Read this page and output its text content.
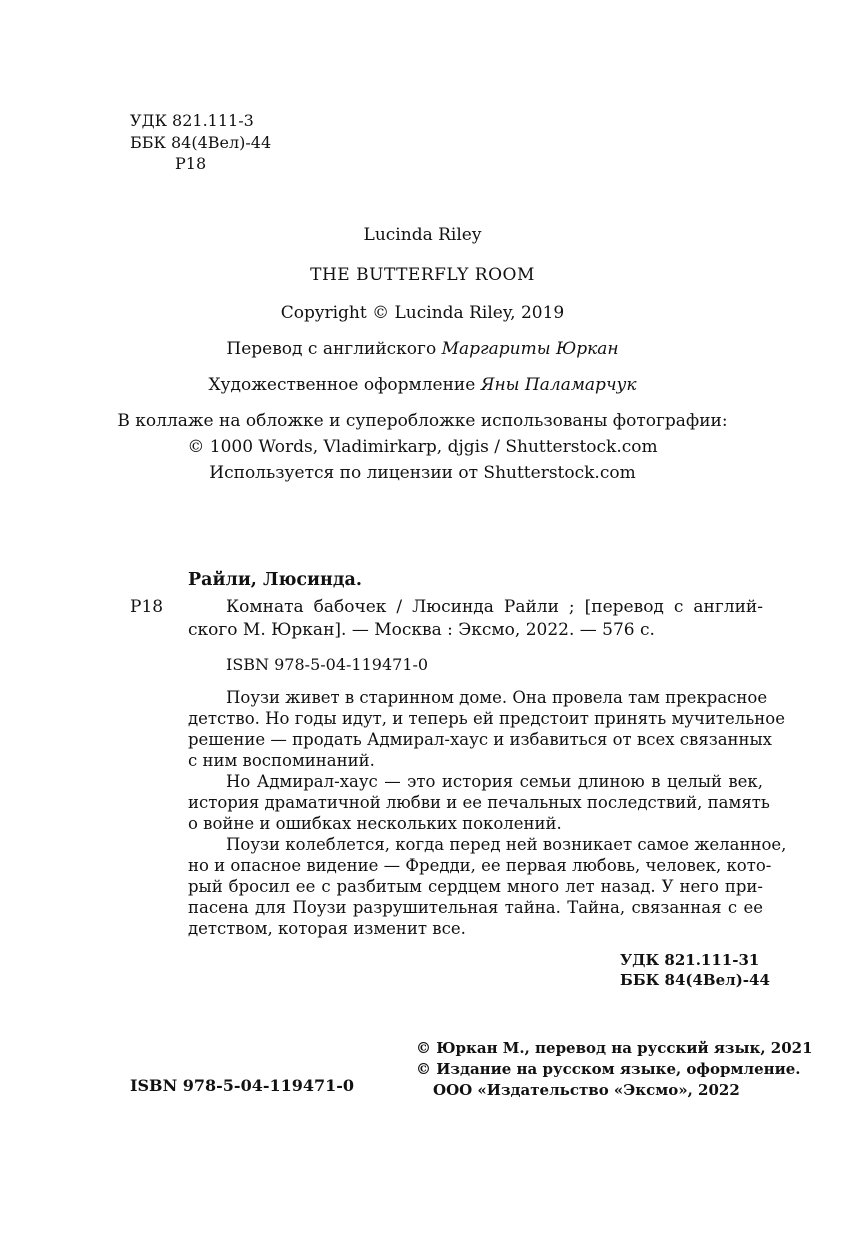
УДК 821.111-3
ББК 84(4Вел)-44
Р18
Lucinda Riley
THE BUTTERFLY ROOM
Copyright © Lucinda Riley, 2019
Перевод с английского Маргариты Юркан
Художественное оформление Яны Паламарчук
В коллаже на обложке и суперобложке использованы фотографии:
© 1000 Words, Vladimirkarp, djgis / Shutterstock.com
Используется по лицензии от Shutterstock.com
Райли, Люсинда.
Р18	Комната бабочек / Люсинда Райли ; [перевод с англий-
ского М. Юркан]. — Москва : Эксмо, 2022. — 576 с.
ISBN 978-5-04-119471-0
Поузи живет в старинном доме. Она провела там прекрасное
детство. Но годы идут, и теперь ей предстоит принять мучительное
решение — продать Адмирал-хаус и избавиться от всех связанных
с ним воспоминаний.
Но Адмирал-хаус — это история семьи длиною в целый век,
история драматичной любви и ее печальных последствий, память
о войне и ошибках нескольких поколений.
Поузи колеблется, когда перед ней возникает самое желанное,
но и опасное видение — Фредди, ее первая любовь, человек, кото-
рый бросил ее с разбитым сердцем много лет назад. У него при-
пасена для Поузи разрушительная тайна. Тайна, связанная с ее
детством, которая изменит все.
УДК 821.111-31
ББК 84(4Вел)-44
ISBN 978-5-04-119471-0
© Юркан М., перевод на русский язык, 2021
© Издание на русском языке, оформление.
ООО «Издательство «Эксмо», 2022
